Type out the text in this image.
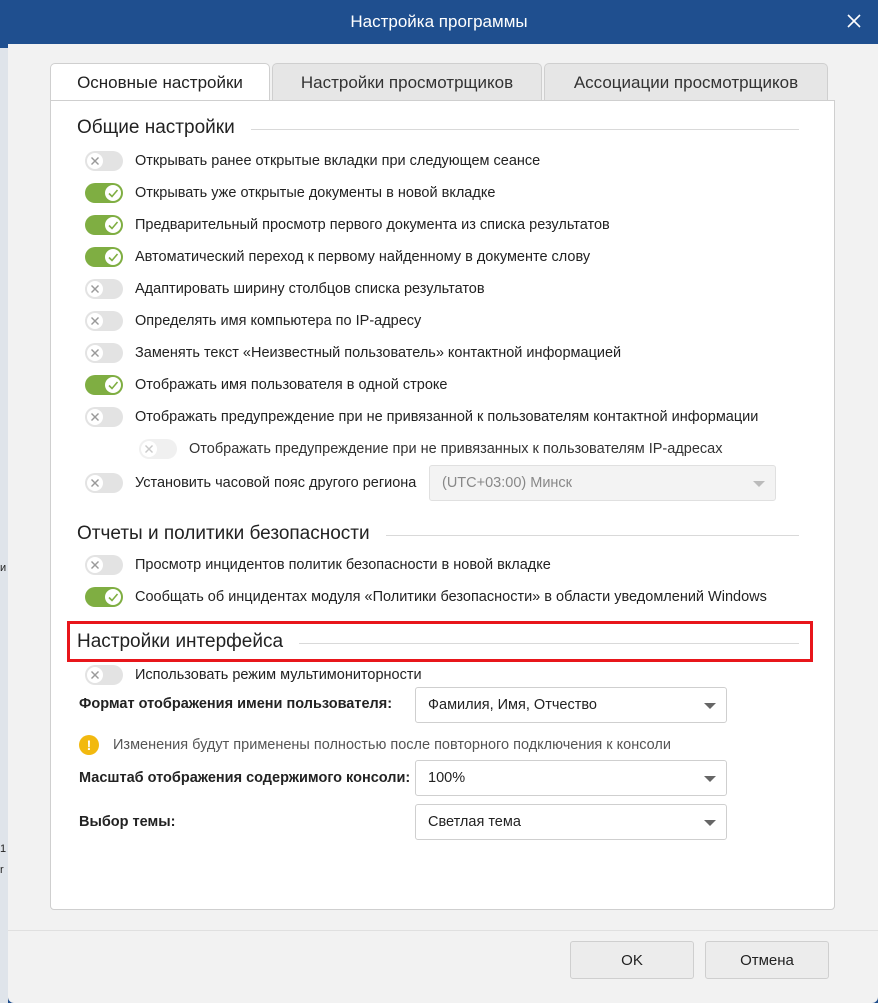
и
1
r
Настройка программы
Основные настройки	Настройки просмотрщиков	Ассоциации просмотрщиков
Общие настройки
Открывать ранее открытые вкладки при следующем сеансе
Открывать уже открытые документы в новой вкладке
Предварительный просмотр первого документа из списка результатов
Автоматический переход к первому найденному в документе слову
Адаптировать ширину столбцов списка результатов
Определять имя компьютера по IP-адресу
Заменять текст «Неизвестный пользователь» контактной информацией
Отображать имя пользователя в одной строке
Отображать предупреждение при не привязанной к пользователям контактной информации
Отображать предупреждение при не привязанных к пользователям IP-адресах
Установить часовой пояс другого региона (UTC+03:00) Минск
Отчеты и политики безопасности
Просмотр инцидентов политик безопасности в новой вкладке
Сообщать об инцидентах модуля «Политики безопасности» в области уведомлений Windows
Настройки интерфейса
Использовать режим мультимониторности
Формат отображения имени пользователя: Фамилия, Имя, Отчество
!	Изменения будут применены полностью после повторного подключения к консоли
Масштаб отображения содержимого консоли: 100%
Выбор темы:	Светлая тема
OK	Отмена
